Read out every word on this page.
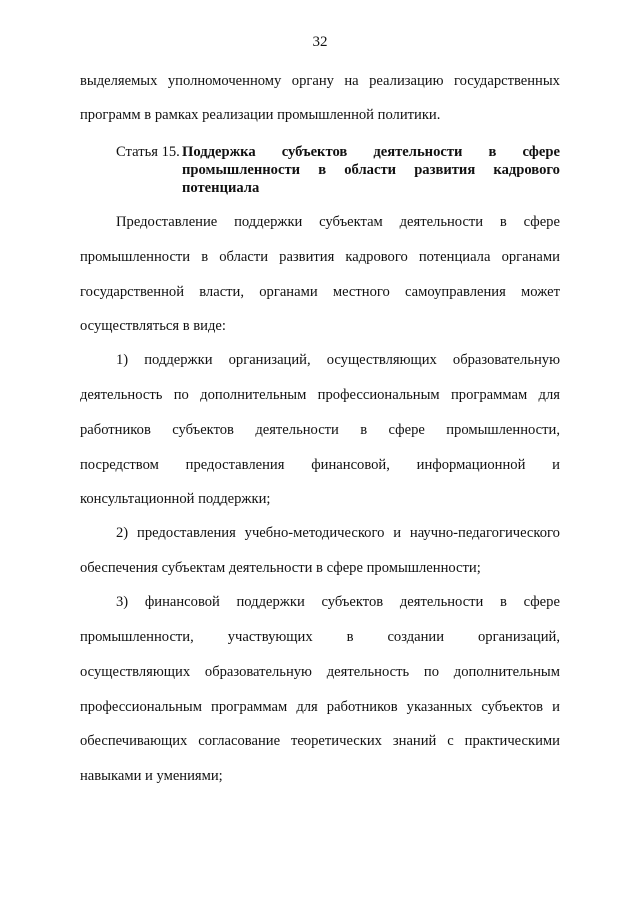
32
выделяемых уполномоченному органу на реализацию государственных
программ в рамках реализации промышленной политики.
Статья 15. Поддержка субъектов деятельности в сфере
промышленности в области развития кадрового
потенциала
Предоставление поддержки субъектам деятельности в сфере
промышленности в области развития кадрового потенциала органами
государственной власти, органами местного самоуправления может
осуществляться в виде:
1) поддержки организаций, осуществляющих образовательную
деятельность по дополнительным профессиональным программам для
работников субъектов деятельности в сфере промышленности,
посредством предоставления финансовой, информационной и
консультационной поддержки;
2) предоставления учебно-методического и научно-педагогического
обеспечения субъектам деятельности в сфере промышленности;
3) финансовой поддержки субъектов деятельности в сфере
промышленности, участвующих в создании организаций,
осуществляющих образовательную деятельность по дополнительным
профессиональным программам для работников указанных субъектов и
обеспечивающих согласование теоретических знаний с практическими
навыками и умениями;
